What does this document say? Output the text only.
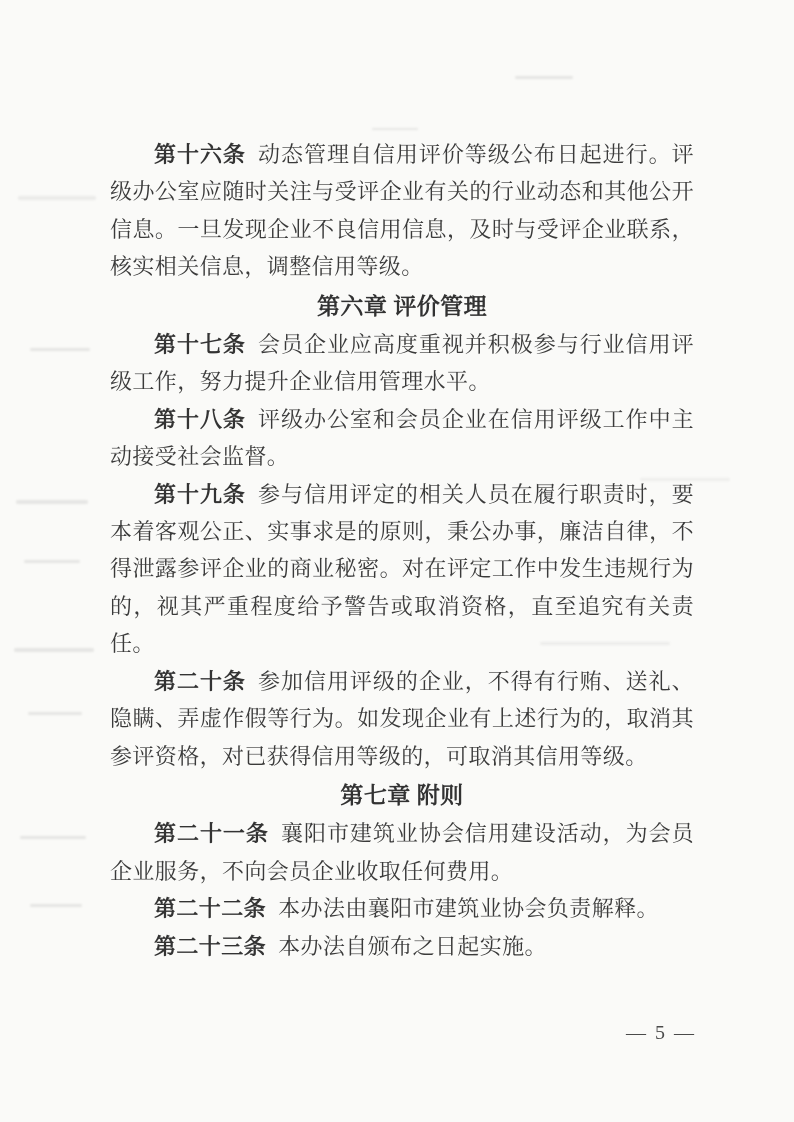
第十六条 动态管理自信用评价等级公布日起进行。评级办公室应随时关注与受评企业有关的行业动态和其他公开信息。一旦发现企业不良信用信息，及时与受评企业联系，核实相关信息，调整信用等级。

第六章 评价管理

第十七条 会员企业应高度重视并积极参与行业信用评级工作，努力提升企业信用管理水平。

第十八条 评级办公室和会员企业在信用评级工作中主动接受社会监督。

第十九条 参与信用评定的相关人员在履行职责时，要本着客观公正、实事求是的原则，秉公办事，廉洁自律，不得泄露参评企业的商业秘密。对在评定工作中发生违规行为的，视其严重程度给予警告或取消资格，直至追究有关责任。

第二十条 参加信用评级的企业，不得有行贿、送礼、隐瞒、弄虚作假等行为。如发现企业有上述行为的，取消其参评资格，对已获得信用等级的，可取消其信用等级。

第七章 附则

第二十一条 襄阳市建筑业协会信用建设活动，为会员企业服务，不向会员企业收取任何费用。

第二十二条 本办法由襄阳市建筑业协会负责解释。

第二十三条 本办法自颁布之日起实施。

— 5 —
